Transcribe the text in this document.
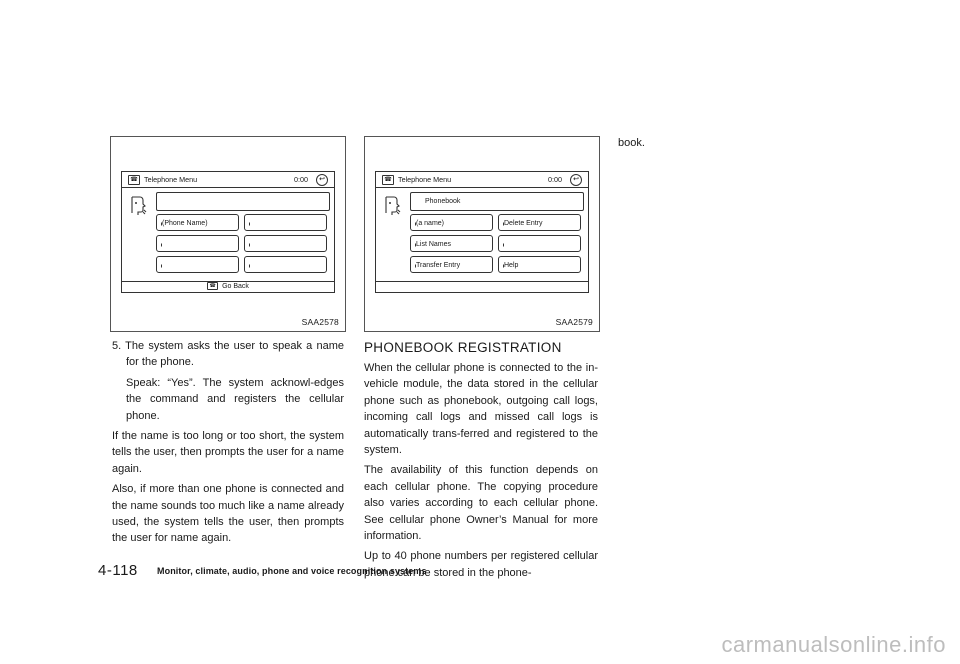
☎ Telephone Menu	0:00	↩
(Phone Name)
☎ Go Back
SAA2578
☎ Telephone Menu	0:00	↩
Phonebook
(a name)	Delete Entry
List Names
Transfer Entry	Help
SAA2579

5. The system asks the user to speak a name for the phone.

Speak: “Yes”. The system acknowl-edges the command and registers the cellular phone.

If the name is too long or too short, the system tells the user, then prompts the user for a name again.

Also, if more than one phone is connected and the name sounds too much like a name already used, the system tells the user, then prompts the user for name again.

PHONEBOOK REGISTRATION

When the cellular phone is connected to the in-vehicle module, the data stored in the cellular phone such as phonebook, outgoing call logs, incoming call logs and missed call logs is automatically trans-ferred and registered to the system.

The availability of this function depends on each cellular phone. The copying procedure also varies according to each cellular phone. See cellular phone Owner’s Manual for more information.

Up to 40 phone numbers per registered cellular phone can be stored in the phone-

book.
4-118 Monitor, climate, audio, phone and voice recognition systems
carmanualsonline.info
